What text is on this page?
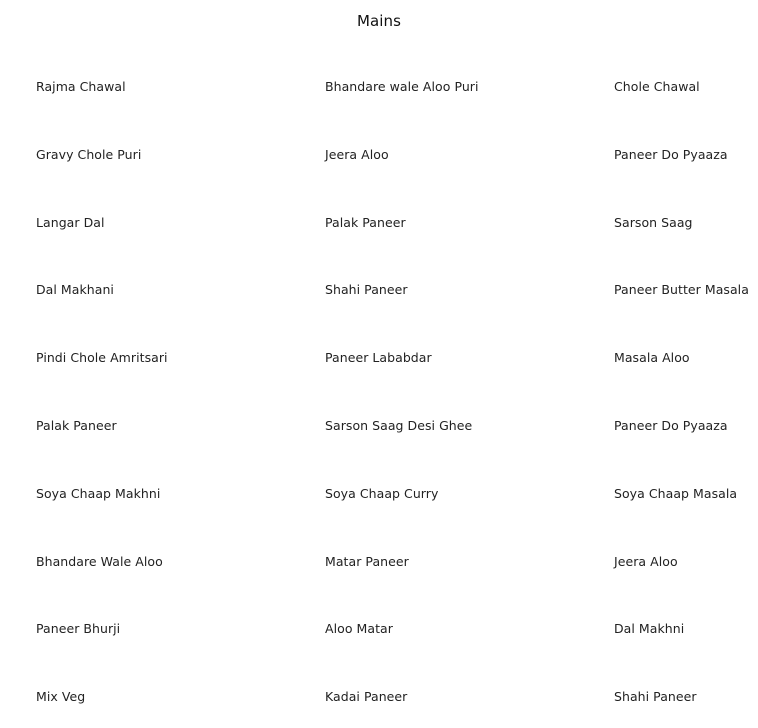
Mains
Rajma Chawal	Bhandare wale Aloo Puri	Chole Chawal
Gravy Chole Puri	Jeera Aloo	Paneer Do Pyaaza
Langar Dal	Palak Paneer	Sarson Saag
Dal Makhani	Shahi Paneer	Paneer Butter Masala
Pindi Chole Amritsari	Paneer Lababdar	Masala Aloo
Palak Paneer	Sarson Saag Desi Ghee	Paneer Do Pyaaza
Soya Chaap Makhni	Soya Chaap Curry	Soya Chaap Masala
Bhandare Wale Aloo	Matar Paneer	Jeera Aloo
Paneer Bhurji	Aloo Matar	Dal Makhni
Mix Veg	Kadai Paneer	Shahi Paneer
